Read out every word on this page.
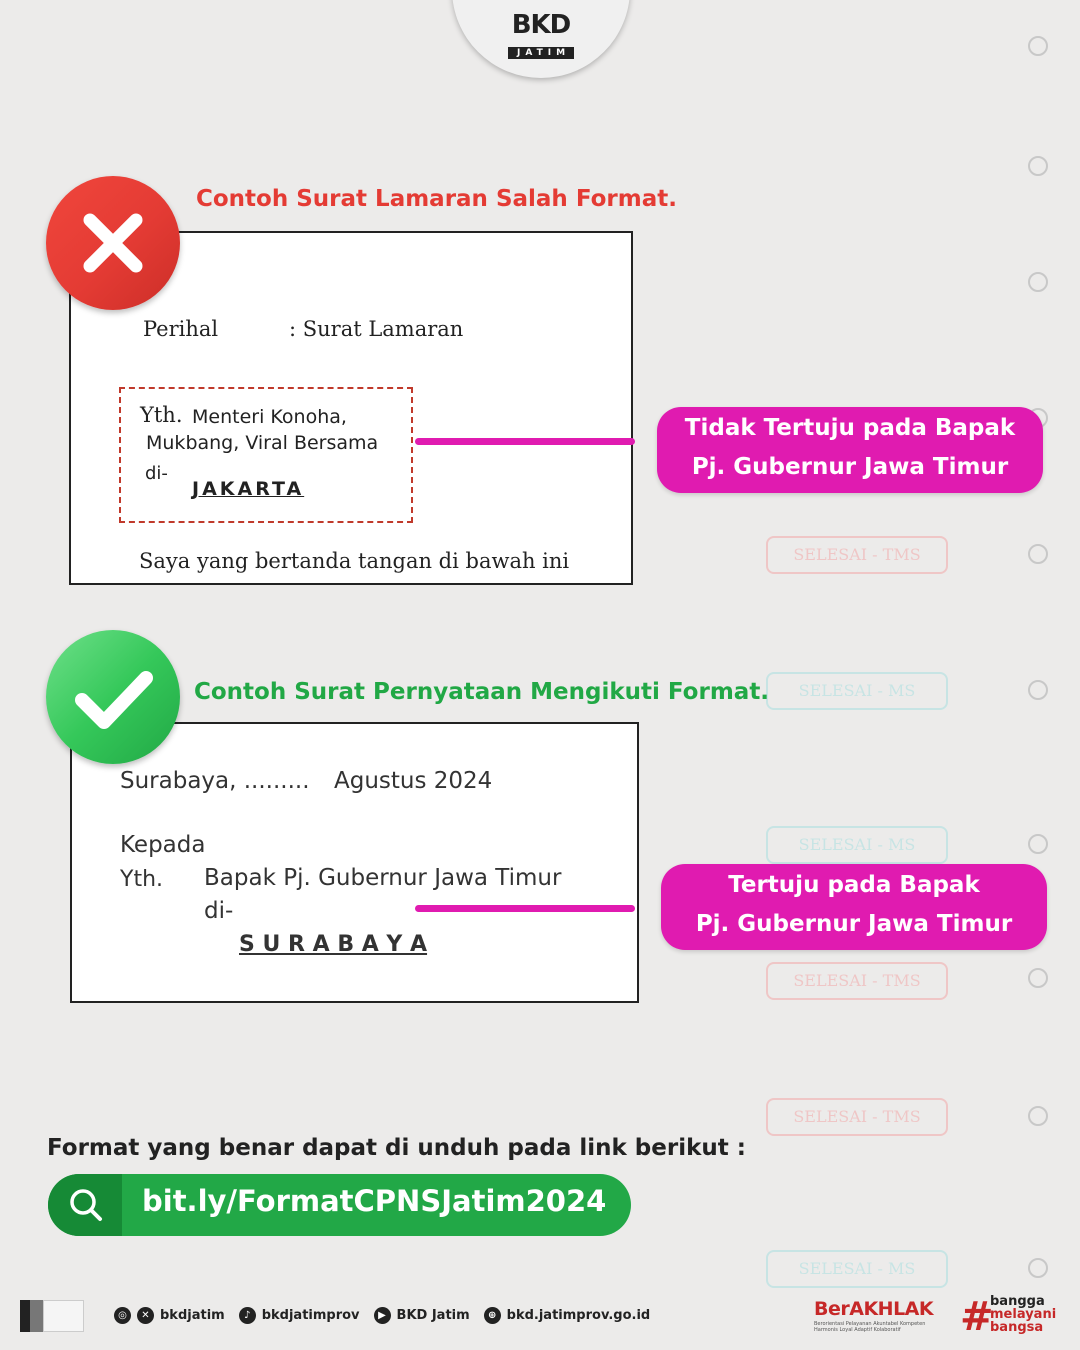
SELESAI - TMS
SELESAI - MS
SELESAI - MS
SELESAI - TMS
SELESAI - TMS
SELESAI - MS
BKD
JATIM
Contoh Surat Lamaran Salah Format.
Perihal	: Surat Lamaran
Yth. Menteri Konoha,
Mukbang, Viral Bersama
di-
JAKARTA
Saya yang bertanda tangan di bawah ini
Tidak Tertuju pada Bapak
Pj. Gubernur Jawa Timur
Contoh Surat Pernyataan Mengikuti Format.
Surabaya, ......... Agustus 2024
Kepada
Yth. Bapak Pj. Gubernur Jawa Timur
di-
S U R A B A Y A
Tertuju pada Bapak
Pj. Gubernur Jawa Timur
Format yang benar dapat di unduh pada link berikut :
bit.ly/FormatCPNSJatim2024
◎	✕ bkdjatim	♪ bkdjatimprov	▶ BKD Jatim	⊕ bkd.jatimprov.go.id	BerAKHLAK
Berorientasi Pelayanan Akuntabel Kompeten
Harmonis Loyal Adaptif Kolaboratif	#
bangga
melayani
bangsa
